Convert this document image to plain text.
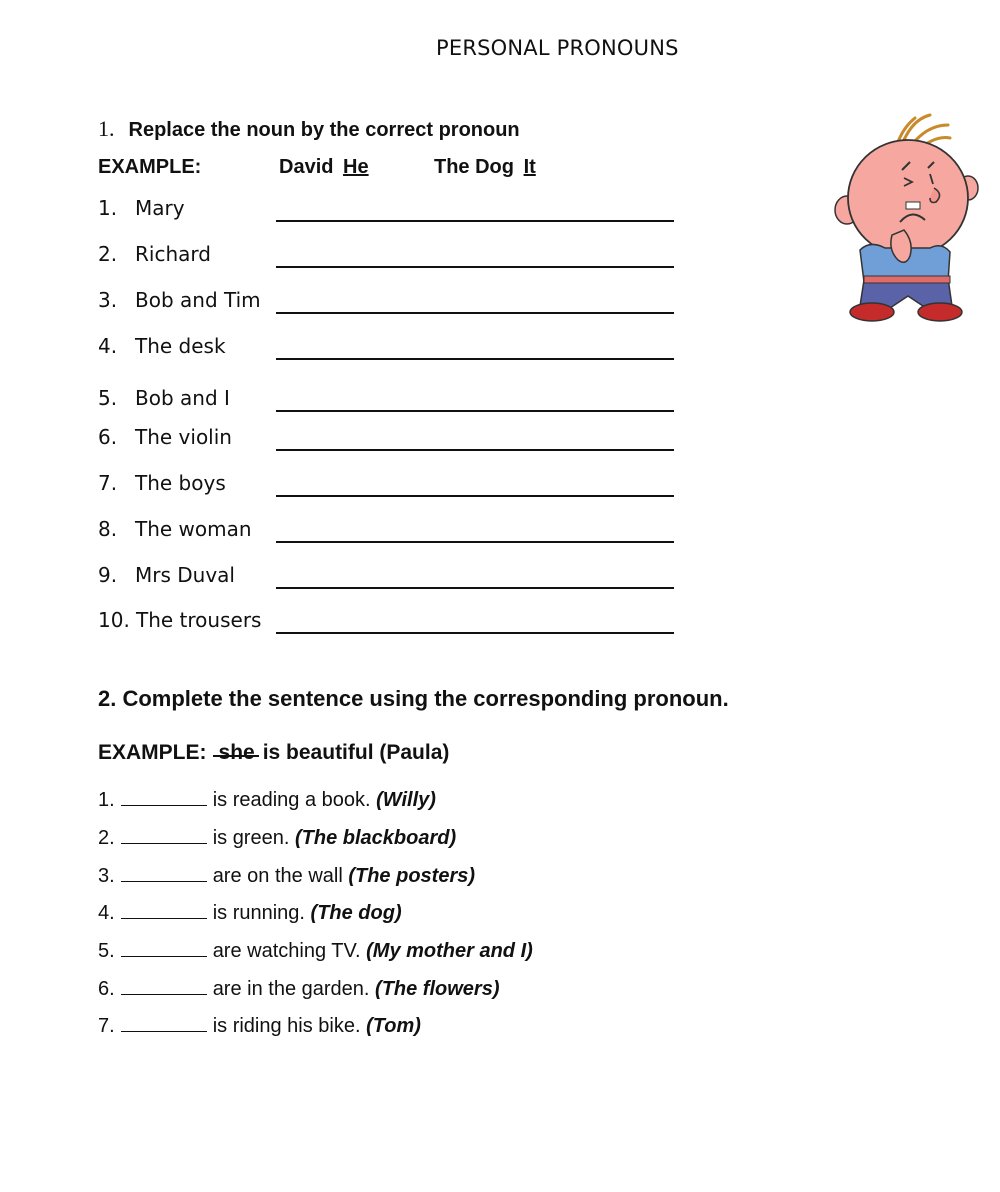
PERSONAL PRONOUNS
1. Replace the noun by the correct pronoun
EXAMPLE:	David He	The Dog It
1. Mary
2. Richard
3. Bob and Tim
4. The desk
5. Bob and I
6. The violin
7. The boys
8. The woman
9. Mrs Duval
10. The trousers
2. Complete the sentence using the corresponding pronoun.
EXAMPLE: she is beautiful (Paula)
1.	is reading a book. (Willy)
2.	is green. (The blackboard)
3.	are on the wall (The posters)
4.	is running. (The dog)
5.	are watching TV. (My mother and I)
6.	are in the garden. (The flowers)
7.	is riding his bike. (Tom)
